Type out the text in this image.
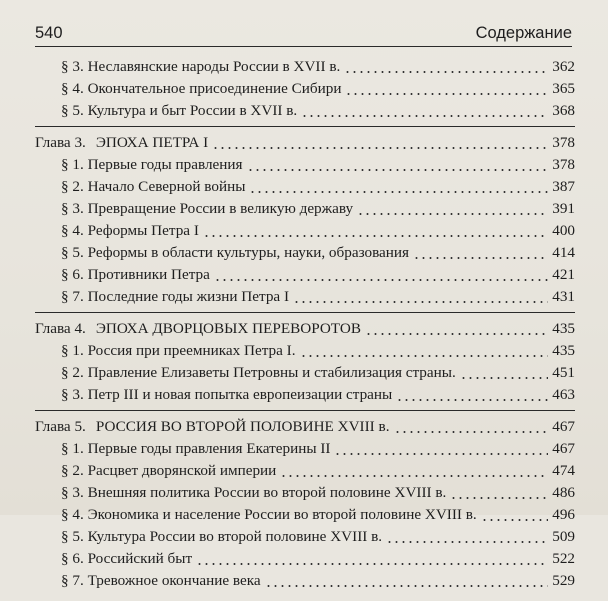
540	Содержание
§ 3. Неславянские народы России в XVII в.	362
§ 4. Окончательное присоединение Сибири	365
§ 5. Культура и быт России в XVII в.	368
Глава 3. ЭПОХА ПЕТРА I	378
§ 1. Первые годы правления	378
§ 2. Начало Северной войны	387
§ 3. Превращение России в великую державу	391
§ 4. Реформы Петра I	400
§ 5. Реформы в области культуры, науки, образования	414
§ 6. Противники Петра	421
§ 7. Последние годы жизни Петра I	431
Глава 4. ЭПОХА ДВОРЦОВЫХ ПЕРЕВОРОТОВ	435
§ 1. Россия при преемниках Петра I.	435
§ 2. Правление Елизаветы Петровны и стабилизация страны.	451
§ 3. Петр III и новая попытка европеизации страны	463
Глава 5. РОССИЯ ВО ВТОРОЙ ПОЛОВИНЕ XVIII в.	467
§ 1. Первые годы правления Екатерины II	467
§ 2. Расцвет дворянской империи	474
§ 3. Внешняя политика России во второй половине XVIII в.	486
§ 4. Экономика и население России во второй половине XVIII в.	496
§ 5. Культура России во второй половине XVIII в.	509
§ 6. Российский быт	522
§ 7. Тревожное окончание века	529
